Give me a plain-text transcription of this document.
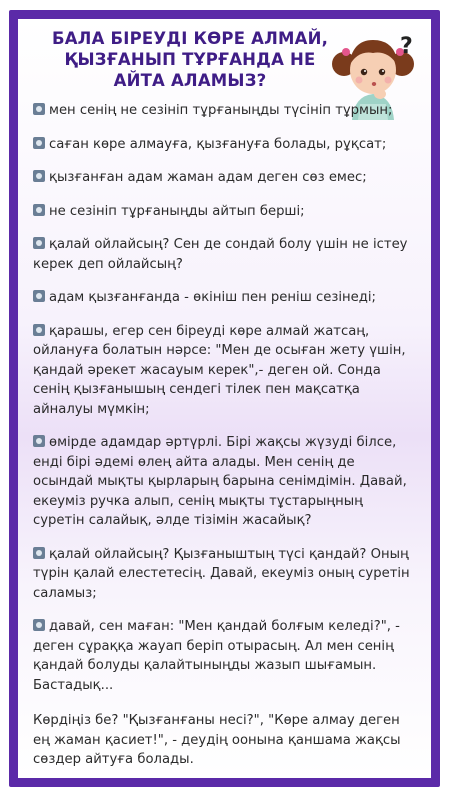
БАЛА БІРЕУДІ КӨРЕ АЛМАЙ, ҚЫЗҒАНЫП ТҰРҒАНДА НЕ АЙТА АЛАМЫЗ?
?
мен сенің не сезініп тұрғаныңды түсініп тұрмын;
саған көре алмауға, қызғануға болады, рұқсат;
қызғанған адам жаман адам деген сөз емес;
не сезініп тұрғаныңды айтып берші;
қалай ойлайсың? Сен де сондай болу үшін не істеу керек деп ойлайсың?
адам қызғанғанда - өкініш пен реніш сезінеді;
қарашы, егер сен біреуді көре алмай жатсаң, ойлануға болатын нәрсе: "Мен де осыған жету үшін, қандай әрекет жасауым керек",- деген ой. Сонда сенің қызғанышың сендегі тілек пен мақсатқа айналуы мүмкін;
өмірде адамдар әртүрлі. Бірі жақсы жүзуді білсе, енді бірі әдемі өлең айта алады. Мен сенің де осындай мықты қырларың барына сенімдімін. Давай, екеуміз ручка алып, сенің мықты тұстарыңның суретін салайық, әлде тізімін жасайық?
қалай ойлайсың? Қызғаныштың түсі қандай? Оның түрін қалай елестетесің. Давай, екеуміз оның суретін саламыз;
давай, сен маған: "Мен қандай болғым келеді?", - деген сұраққа жауап беріп отырасың. Ал мен сенің қандай болуды қалайтыныңды жазып шығамын. Бастадық...
Көрдіңіз бе? "Қызғанғаны несі?", "Көре алмау деген ең жаман қасиет!", - деудің оонына қаншама жақсы сөздер айтуға болады.
